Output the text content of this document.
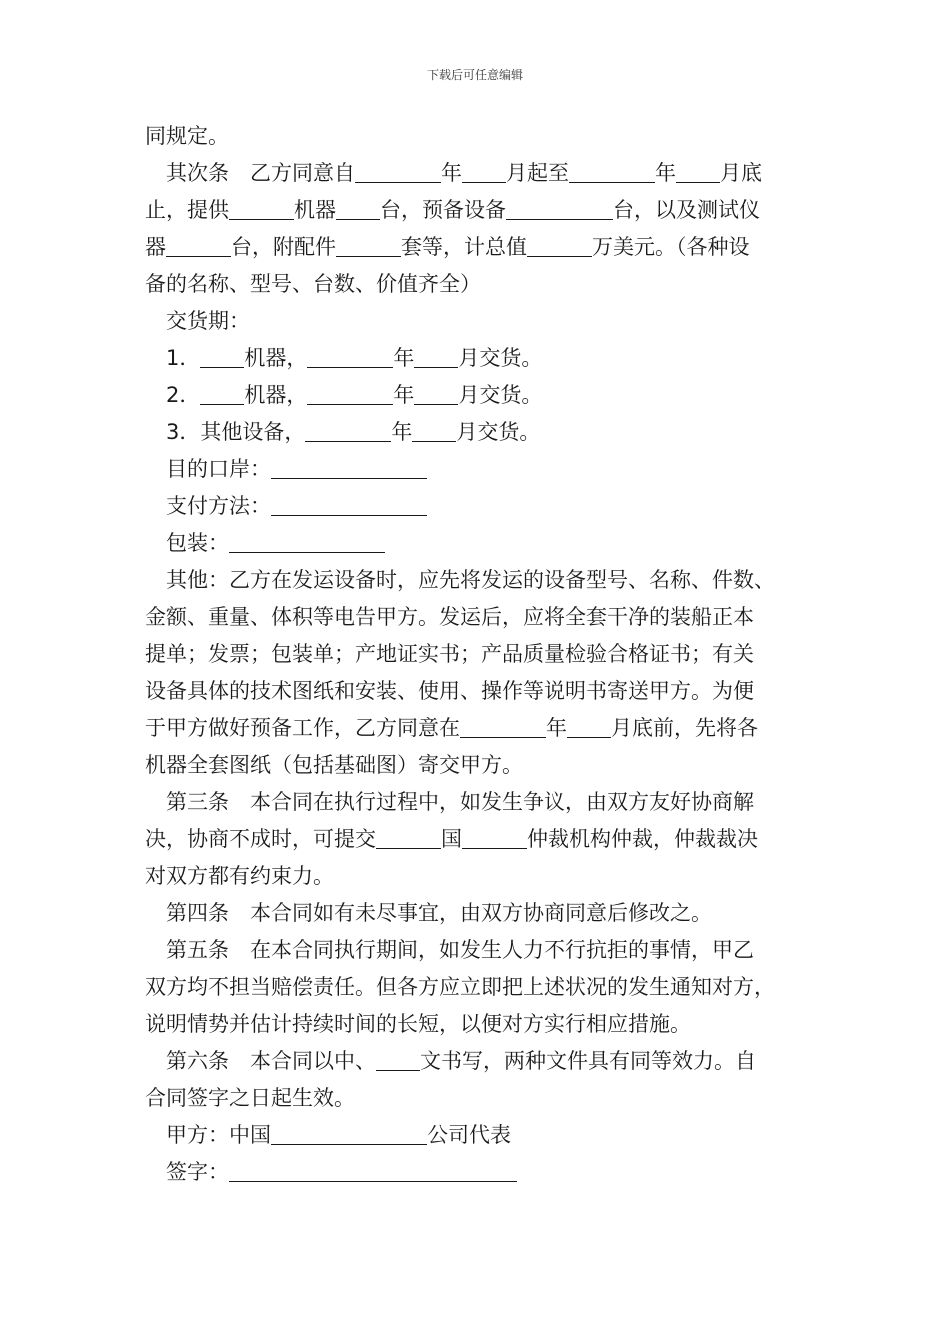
下载后可任意编辑

同规定。

其次条 乙方同意自	年 月起至	年 月底

止，提供	机器 台，预备设备	台，以及测试仪

器	台，附配件	套等，计总值	万美元。（各种设

备的名称、型号、台数、价值齐全）

交货期：

1． 机器，	年 月交货。

2． 机器，	年 月交货。

3．其他设备，	年 月交货。

目的口岸：

支付方法：

包装：

其他：乙方在发运设备时，应先将发运的设备型号、名称、件数、

金额、重量、体积等电告甲方。发运后，应将全套干净的装船正本

提单；发票；包装单；产地证实书；产品质量检验合格证书；有关

设备具体的技术图纸和安装、使用、操作等说明书寄送甲方。为便

于甲方做好预备工作，乙方同意在	年 月底前，先将各

机器全套图纸（包括基础图）寄交甲方。

第三条 本合同在执行过程中，如发生争议，由双方友好协商解

决，协商不成时，可提交	国	仲裁机构仲裁，仲裁裁决

对双方都有约束力。

第四条 本合同如有未尽事宜，由双方协商同意后修改之。

第五条 在本合同执行期间，如发生人力不行抗拒的事情，甲乙

双方均不担当赔偿责任。但各方应立即把上述状况的发生通知对方，

说明情势并估计持续时间的长短，以便对方实行相应措施。

第六条 本合同以中、 文书写，两种文件具有同等效力。自

合同签字之日起生效。

甲方：中国	公司代表

签字：
